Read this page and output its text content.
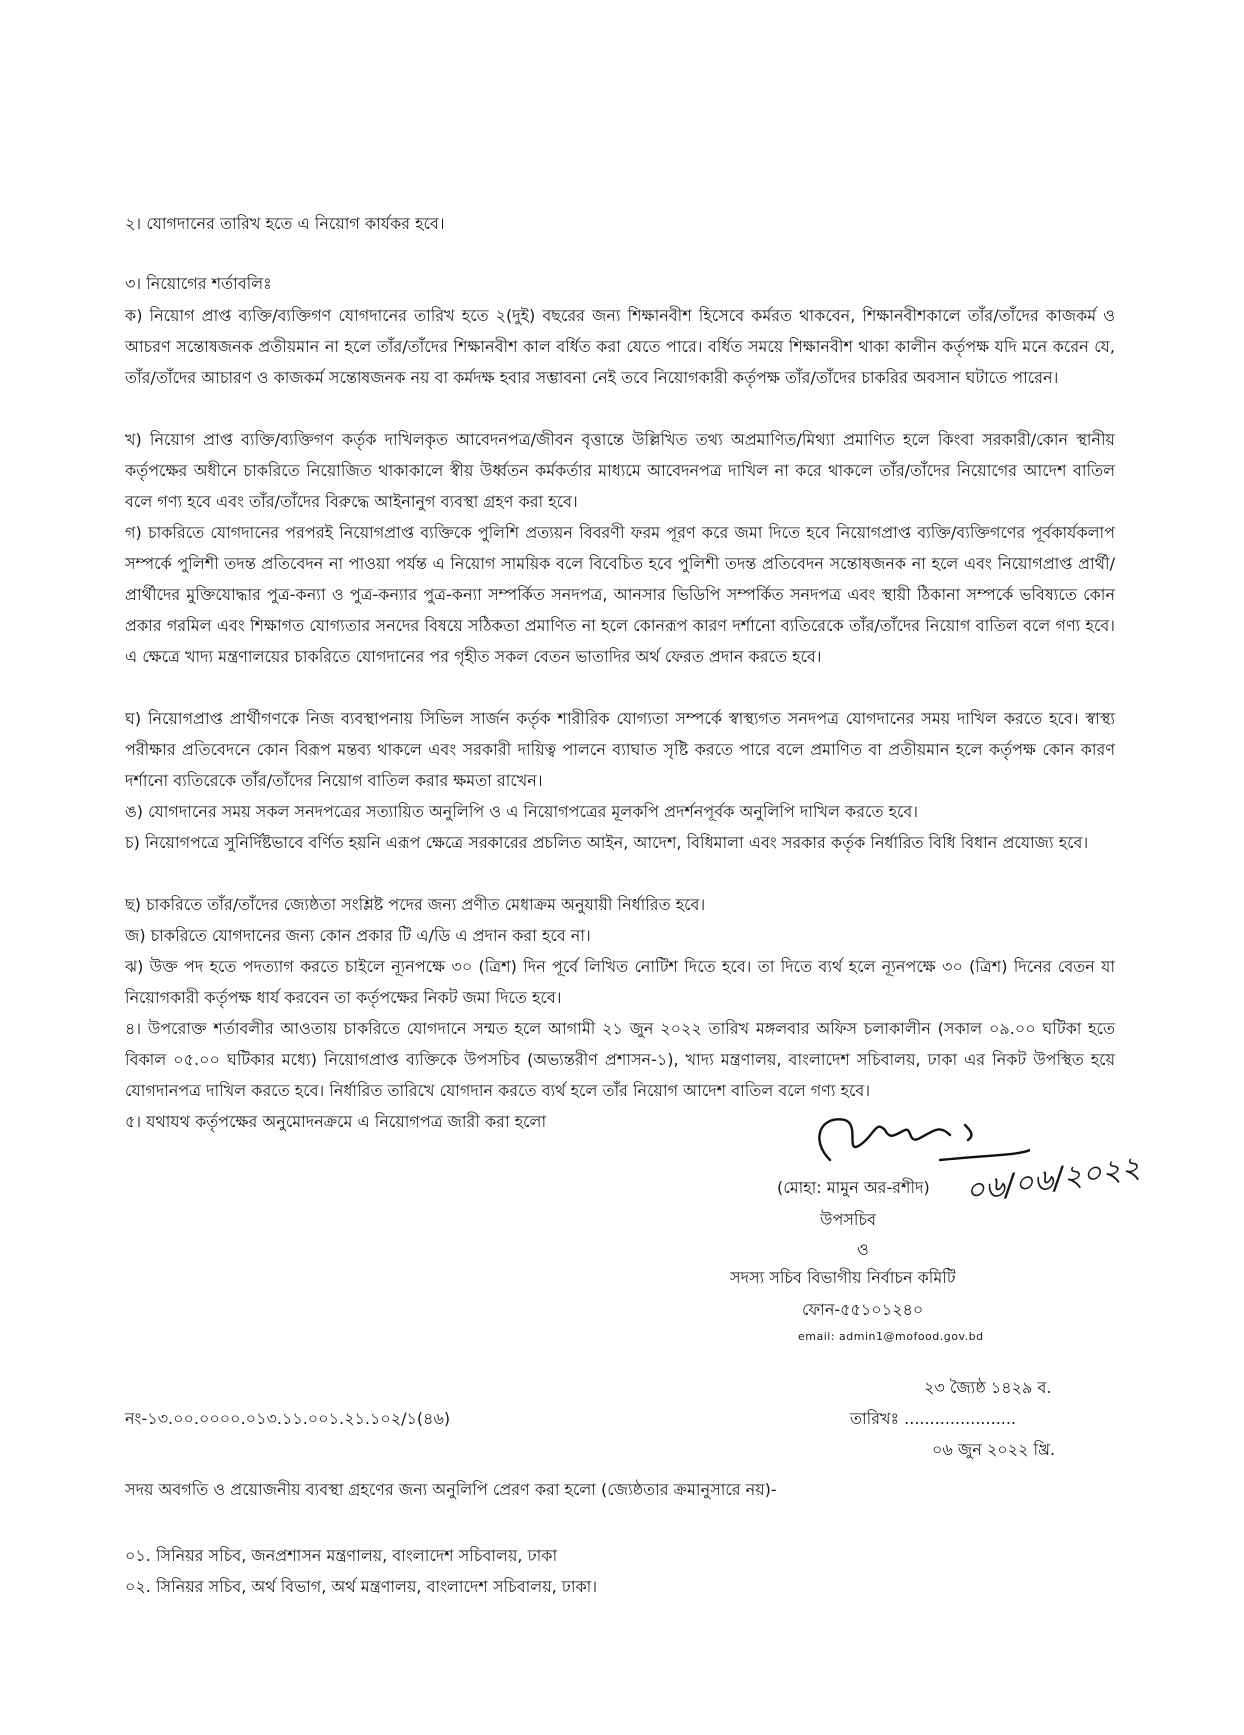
২। যোগদানের তারিখ হতে এ নিয়োগ কার্যকর হবে।
৩। নিয়োগের শর্তাবলিঃ
ক) নিয়োগ প্রাপ্ত ব্যক্তি/ব্যক্তিগণ যোগদানের তারিখ হতে ২(দুই) বছরের জন্য শিক্ষানবীশ হিসেবে কর্মরত থাকবেন, শিক্ষানবীশকালে তাঁর/তাঁদের কাজকর্ম ও আচরণ সন্তোষজনক প্রতীয়মান না হলে তাঁর/তাঁদের শিক্ষানবীশ কাল বর্ধিত করা যেতে পারে। বর্ধিত সময়ে শিক্ষানবীশ থাকা কালীন কর্তৃপক্ষ যদি মনে করেন যে, তাঁর/তাঁদের আচারণ ও কাজকর্ম সন্তোষজনক নয় বা কর্মদক্ষ হবার সম্ভাবনা নেই তবে নিয়োগকারী কর্তৃপক্ষ তাঁর/তাঁদের চাকরির অবসান ঘটাতে পারেন।
খ) নিয়োগ প্রাপ্ত ব্যক্তি/ব্যক্তিগণ কর্তৃক দাখিলকৃত আবেদনপত্র/জীবন বৃত্তান্তে উল্লিখিত তথ্য অপ্রমাণিত/মিথ্যা প্রমাণিত হলে কিংবা সরকারী/কোন স্থানীয় কর্তৃপক্ষের অধীনে চাকরিতে নিয়োজিত থাকাকালে স্বীয় উর্ধ্বতন কর্মকর্তার মাধ্যমে আবেদনপত্র দাখিল না করে থাকলে তাঁর/তাঁদের নিয়োগের আদেশ বাতিল বলে গণ্য হবে এবং তাঁর/তাঁদের বিরুদ্ধে আইনানুগ ব্যবস্থা গ্রহণ করা হবে।
গ) চাকরিতে যোগদানের পরপরই নিয়োগপ্রাপ্ত ব্যক্তিকে পুলিশি প্রত্যয়ন বিবরণী ফরম পূরণ করে জমা দিতে হবে নিয়োগপ্রাপ্ত ব্যক্তি/ব্যক্তিগণের পূর্বকার্যকলাপ সম্পর্কে পুলিশী তদন্ত প্রতিবেদন না পাওয়া পর্যন্ত এ নিয়োগ সাময়িক বলে বিবেচিত হবে পুলিশী তদন্ত প্রতিবেদন সন্তোষজনক না হলে এবং নিয়োগপ্রাপ্ত প্রার্থী/প্রার্থীদের মুক্তিযোদ্ধার পুত্র-কন্যা ও পুত্র-কন্যার পুত্র-কন্যা সম্পর্কিত সনদপত্র, আনসার ভিডিপি সম্পর্কিত সনদপত্র এবং স্থায়ী ঠিকানা সম্পর্কে ভবিষ্যতে কোন প্রকার গরমিল এবং শিক্ষাগত যোগ্যতার সনদের বিষয়ে সঠিকতা প্রমাণিত না হলে কোনরূপ কারণ দর্শানো ব্যতিরেকে তাঁর/তাঁদের নিয়োগ বাতিল বলে গণ্য হবে। এ ক্ষেত্রে খাদ্য মন্ত্রণালয়ের চাকরিতে যোগদানের পর গৃহীত সকল বেতন ভাতাদির অর্থ ফেরত প্রদান করতে হবে।
ঘ) নিয়োগপ্রাপ্ত প্রার্থীগণকে নিজ ব্যবস্থাপনায় সিভিল সার্জন কর্তৃক শারীরিক যোগ্যতা সম্পর্কে স্বাস্থ্যগত সনদপত্র যোগদানের সময় দাখিল করতে হবে। স্বাস্থ্য পরীক্ষার প্রতিবেদনে কোন বিরূপ মন্তব্য থাকলে এবং সরকারী দায়িত্ব পালনে ব্যাঘাত সৃষ্টি করতে পারে বলে প্রমাণিত বা প্রতীয়মান হলে কর্তৃপক্ষ কোন কারণ দর্শানো ব্যতিরেকে তাঁর/তাঁদের নিয়োগ বাতিল করার ক্ষমতা রাখেন।
ঙ) যোগদানের সময় সকল সনদপত্রের সত্যায়িত অনুলিপি ও এ নিয়োগপত্রের মূলকপি প্রদর্শনপূর্বক অনুলিপি দাখিল করতে হবে।
চ) নিয়োগপত্রে সুনির্দিষ্টভাবে বর্ণিত হয়নি এরূপ ক্ষেত্রে সরকারের প্রচলিত আইন, আদেশ, বিধিমালা এবং সরকার কর্তৃক নির্ধারিত বিধি বিধান প্রযোজ্য হবে।
ছ) চাকরিতে তাঁর/তাঁদের জ্যেষ্ঠতা সংশ্লিষ্ট পদের জন্য প্রণীত মেধাক্রম অনুযায়ী নির্ধারিত হবে।
জ) চাকরিতে যোগদানের জন্য কোন প্রকার টি এ/ডি এ প্রদান করা হবে না।
ঝ) উক্ত পদ হতে পদত্যাগ করতে চাইলে ন্যূনপক্ষে ৩০ (ত্রিশ) দিন পূর্বে লিখিত নোটিশ দিতে হবে। তা দিতে ব্যর্থ হলে ন্যূনপক্ষে ৩০ (ত্রিশ) দিনের বেতন যা নিয়োগকারী কর্তৃপক্ষ ধার্য করবেন তা কর্তৃপক্ষের নিকট জমা দিতে হবে।
৪। উপরোক্ত শর্তাবলীর আওতায় চাকরিতে যোগদানে সম্মত হলে আগামী ২১ জুন ২০২২ তারিখ মঙ্গলবার অফিস চলাকালীন (সকাল ০৯.০০ ঘটিকা হতে বিকাল ০৫.০০ ঘটিকার মধ্যে) নিয়োগপ্রাপ্ত ব্যক্তিকে উপসচিব (অভ্যন্তরীণ প্রশাসন-১), খাদ্য মন্ত্রণালয়, বাংলাদেশ সচিবালয়, ঢাকা এর নিকট উপস্থিত হয়ে যোগদানপত্র দাখিল করতে হবে। নির্ধারিত তারিখে যোগদান করতে ব্যর্থ হলে তাঁর নিয়োগ আদেশ বাতিল বলে গণ্য হবে।
৫। যথাযথ কর্তৃপক্ষের অনুমোদনক্রমে এ নিয়োগপত্র জারী করা হলো
(মোহা: মামুন অর-রশীদ) ০৬/০৬/২০২২
উপসচিব
ও
সদস্য সচিব বিভাগীয় নির্বাচন কমিটি
ফোন-৫৫১০১২৪০
email: admin1@mofood.gov.bd
২৩ জ্যৈষ্ঠ ১৪২৯ ব.
নং-১৩.০০.০০০০.০১৩.১১.০০১.২১.১০২/১(৪৬)	তারিখঃ ......................
০৬ জুন ২০২২ খ্রি.
সদয় অবগতি ও প্রয়োজনীয় ব্যবস্থা গ্রহণের জন্য অনুলিপি প্রেরণ করা হলো (জ্যেষ্ঠতার ক্রমানুসারে নয়)-
০১. সিনিয়র সচিব, জনপ্রশাসন মন্ত্রণালয়, বাংলাদেশ সচিবালয়, ঢাকা
০২. সিনিয়র সচিব, অর্থ বিভাগ, অর্থ মন্ত্রণালয়, বাংলাদেশ সচিবালয়, ঢাকা।
